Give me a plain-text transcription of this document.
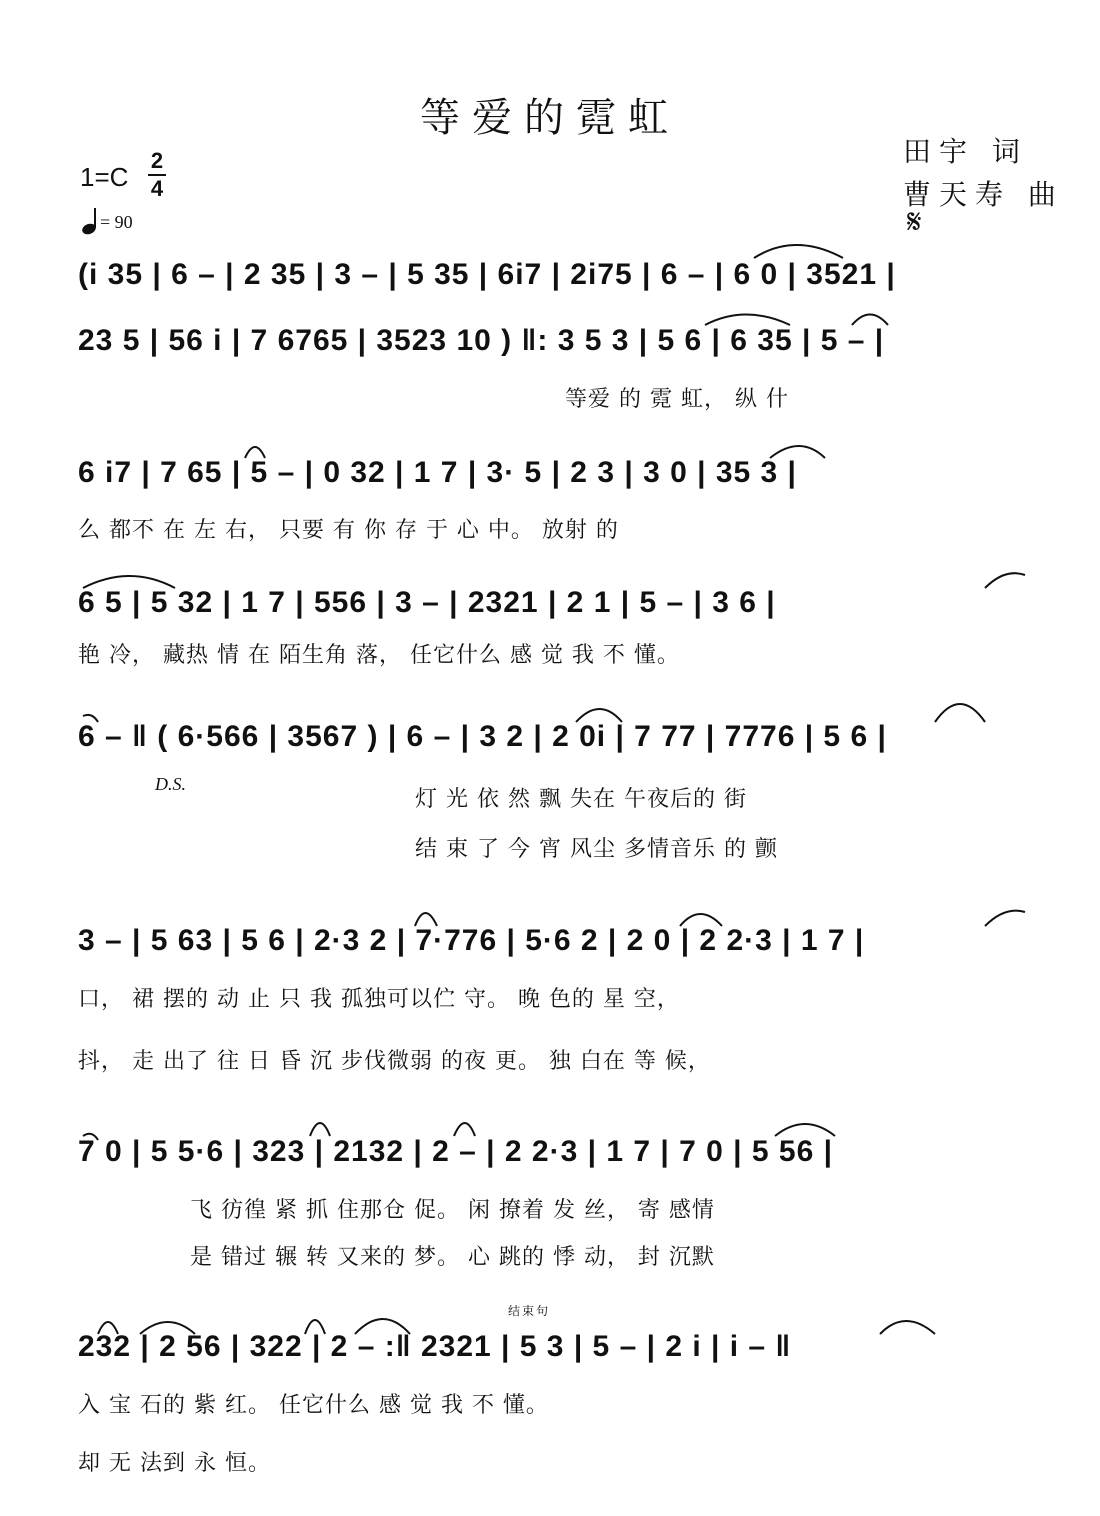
等爱的霓虹
田宇 词
曹天寿 曲
1=C
2
4
= 90	𝄋
(i 35 | 6 – | 2 35 | 3 – | 5 35 | 6i7 | 2i75 | 6 – | 6 0 | 3521 |
23 5 | 56 i | 7 6765 | 3523 10 ) ‖: 3 5 3 | 5 6 | 6 35 | 5 – |
等爱 的 霓 虹， 纵 什
6 i7 | 7 65 | 5 – | 0 32 | 1 7 | 3· 5 | 2 3 | 3 0 | 35 3 |
么 都不 在 左 右， 只要 有 你 存 于 心 中。 放射 的
6 5 | 5 32 | 1 7 | 556 | 3 – | 2321 | 2 1 | 5 – | 3 6 |
艳 冷， 藏热 情 在 陌生角 落， 任它什么 感 觉 我 不 懂。
6 – ‖ ( 6·566 | 3567 ) | 6 – | 3 2 | 2 0i | 7 77 | 7776 | 5 6 |
D.S.
灯 光 依 然 飘 失在 午夜后的 街
结 束 了 今 宵 风尘 多情音乐 的 颤
3 – | 5 63 | 5 6 | 2·3 2 | 7·776 | 5·6 2 | 2 0 | 2 2·3 | 1 7 |
口， 裙 摆的 动 止 只 我 孤独可以伫 守。 晚 色的 星 空，
抖， 走 出了 往 日 昏 沉 步伐微弱 的夜 更。 独 白在 等 候，
7 0 | 5 5·6 | 323 | 2132 | 2 – | 2 2·3 | 1 7 | 7 0 | 5 56 |
飞 彷徨 紧 抓 住那仓 促。 闲 撩着 发 丝， 寄 感情
是 错过 辗 转 又来的 梦。 心 跳的 悸 动， 封 沉默
结束句
232 | 2 56 | 322 | 2 – :‖ 2321 | 5 3 | 5 – | 2 i | i – ‖
入 宝 石的 紫 红。 任它什么 感 觉 我 不 懂。
却 无 法到 永 恒。
